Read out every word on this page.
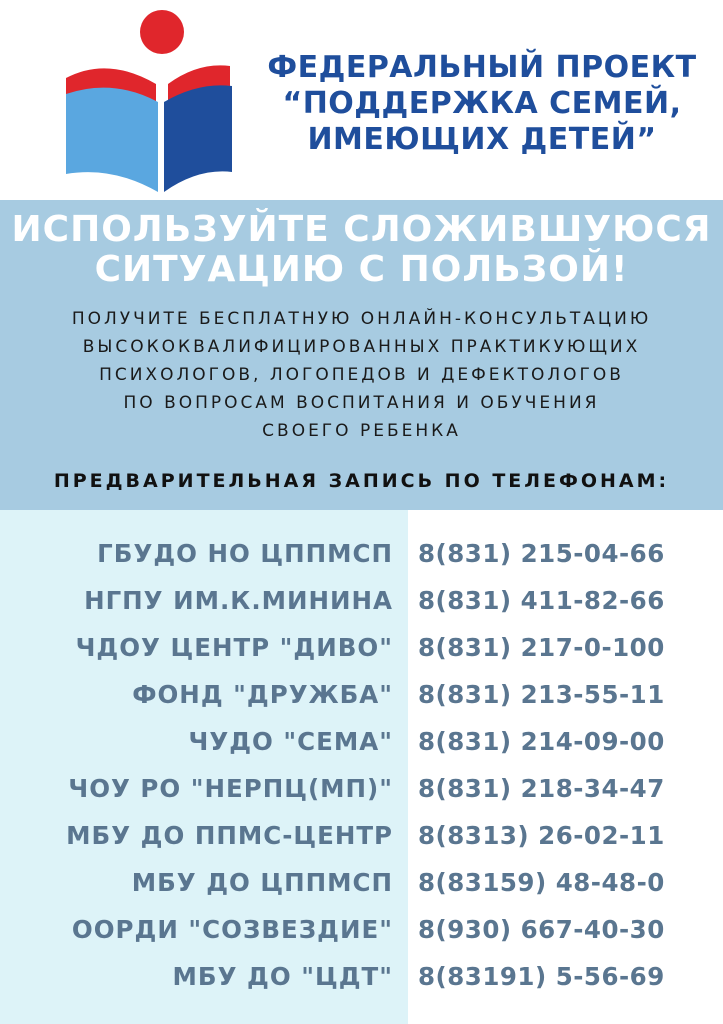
ФЕДЕРАЛЬНЫЙ ПРОЕКТ
“ПОДДЕРЖКА СЕМЕЙ,
ИМЕЮЩИХ ДЕТЕЙ”
ИСПОЛЬЗУЙТЕ СЛОЖИВШУЮСЯ
СИТУАЦИЮ С ПОЛЬЗОЙ!
ПОЛУЧИТЕ БЕСПЛАТНУЮ ОНЛАЙН-КОНСУЛЬТАЦИЮ
ВЫСОКОКВАЛИФИЦИРОВАННЫХ ПРАКТИКУЮЩИХ
ПСИХОЛОГОВ, ЛОГОПЕДОВ И ДЕФЕКТОЛОГОВ
ПО ВОПРОСАМ ВОСПИТАНИЯ И ОБУЧЕНИЯ
СВОЕГО РЕБЕНКА
ПРЕДВАРИТЕЛЬНАЯ ЗАПИСЬ ПО ТЕЛЕФОНАМ:
ГБУДО НО ЦППМСП 8(831) 215-04-66
НГПУ ИМ.К.МИНИНА 8(831) 411-82-66
ЧДОУ ЦЕНТР "ДИВО" 8(831) 217-0-100
ФОНД "ДРУЖБА" 8(831) 213-55-11
ЧУДО "СЕМА" 8(831) 214-09-00
ЧОУ РО "НЕРПЦ(МП)" 8(831) 218-34-47
МБУ ДО ППМС-ЦЕНТР 8(8313) 26-02-11
МБУ ДО ЦППМСП 8(83159) 48-48-0
ООРДИ "СОЗВЕЗДИЕ" 8(930) 667-40-30
МБУ ДО "ЦДТ" 8(83191) 5-56-69
